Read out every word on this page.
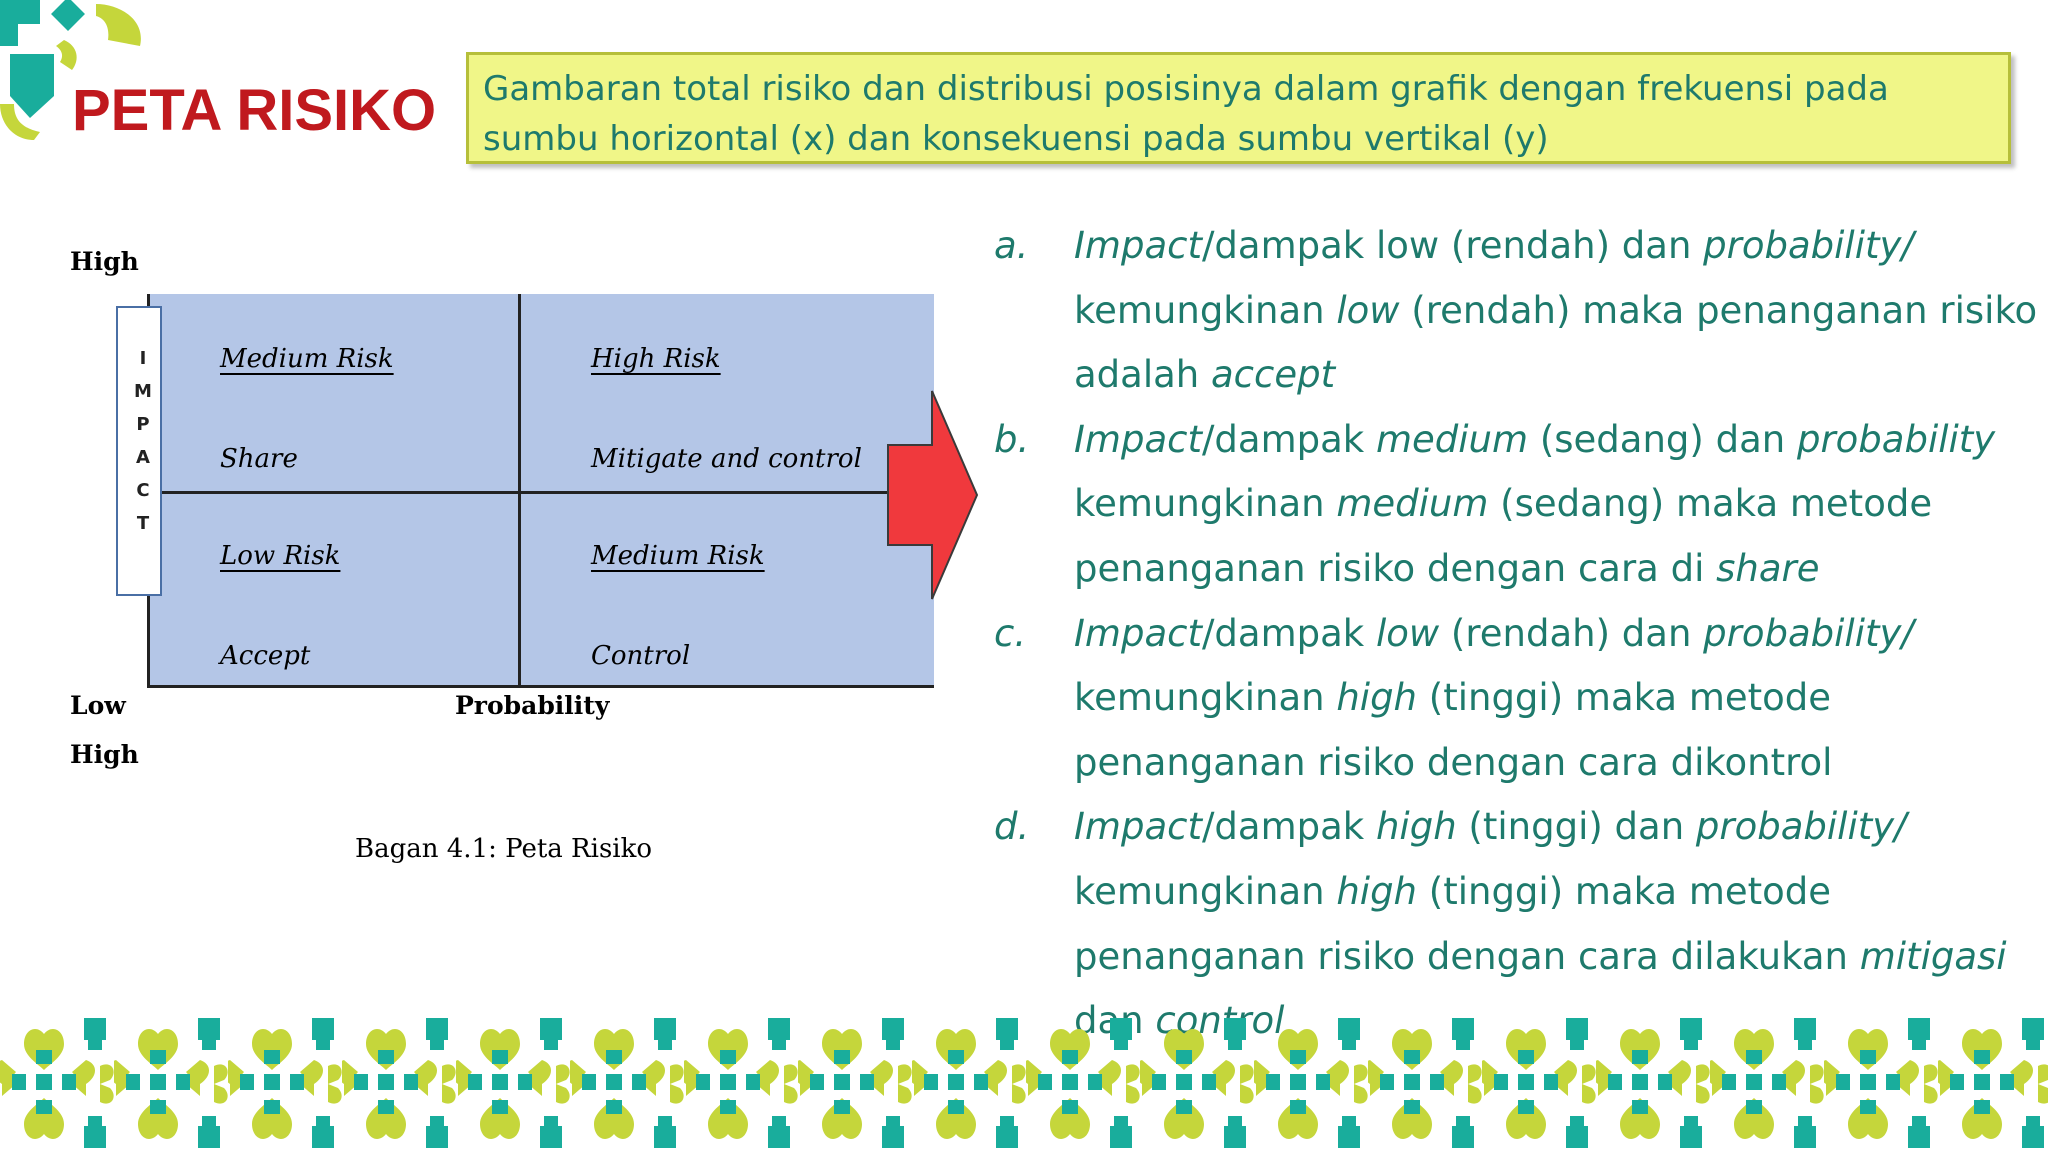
PETA RISIKO Gambaran total risiko dan distribusi posisinya dalam grafik dengan frekuensi pada
sumbu horizontal (x) dan konsekuensi pada sumbu vertikal (y)

High

I
M
P
A
C
T

Medium Risk

Share

High Risk

Mitigate and control

Low Risk

Accept

Medium Risk

Control

Low	Probability

High

Bagan 4.1: Peta Risiko

a.	Impact/dampak low (rendah) dan probability/ kemungkinan low (rendah) maka penanganan risiko adalah accept
b.	Impact/dampak medium (sedang) dan probability kemungkinan medium (sedang) maka metode penanganan risiko dengan cara di share
c.	Impact/dampak low (rendah) dan probability/ kemungkinan high (tinggi) maka metode penanganan risiko dengan cara dikontrol
d.	Impact/dampak high (tinggi) dan probability/ kemungkinan high (tinggi) maka metode penanganan risiko dengan cara dilakukan mitigasi
